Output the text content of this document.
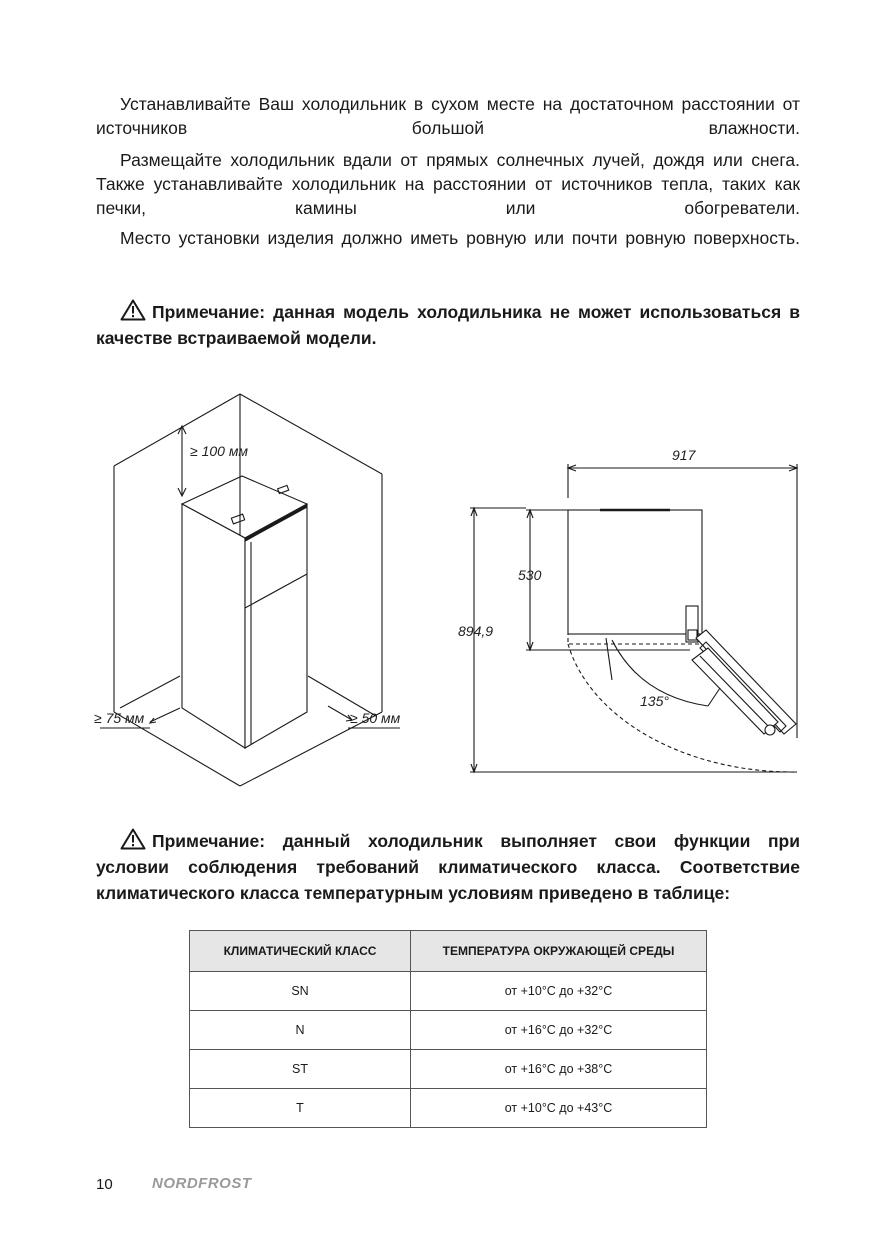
Устанавливайте Ваш холодильник в сухом месте на достаточном расстоянии от источников большой влажности.

Размещайте холодильник вдали от прямых солнечных лучей, дождя или снега. Также устанавливайте холодильник на расстоянии от источников тепла, таких как печки, камины или обогреватели.

Место установки изделия должно иметь ровную или почти ровную поверхность.

Примечание: данная модель холодильника не может использоваться в качестве встраиваемой модели.

≥ 100 мм
≥ 75 мм	≥ 50 мм
917
530
894,9
135°

Примечание: данный холодильник выполняет свои функции при условии соблюдения требований климатического класса. Соответствие климатического класса температурным условиям приведено в таблице:

КЛИМАТИЧЕСКИЙ КЛАСС	ТЕМПЕРАТУРА ОКРУЖАЮЩЕЙ СРЕДЫ
SN	от +10°С до +32°С
N	от +16°С до +32°С
ST	от +16°С до +38°С
T	от +10°С до +43°С
10	NORDFROST
